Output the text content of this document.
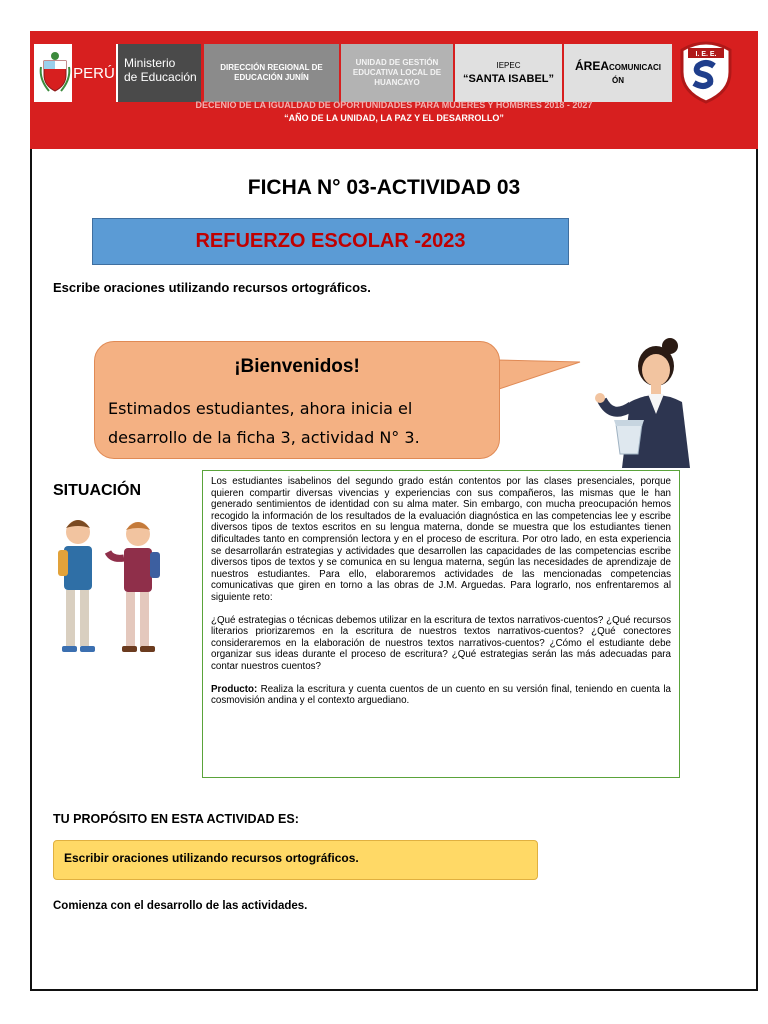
PERÚ
Ministerio
de Educación
DIRECCIÓN REGIONAL DE EDUCACIÓN JUNÍN
UNIDAD DE GESTIÓN EDUCATIVA LOCAL DE HUANCAYO
IEPEC
“SANTA ISABEL”
ÁREACOMUNICACI
ÓN
I. E. E.
DECENIO DE LA IGUALDAD DE OPORTUNIDADES PARA MUJERES Y HOMBRES 2018 - 2027
“AÑO DE LA UNIDAD, LA PAZ Y EL DESARROLLO”
FICHA N° 03-ACTIVIDAD 03
REFUERZO ESCOLAR -2023
Escribe oraciones utilizando recursos ortográficos.
¡Bienvenidos!
Estimados estudiantes, ahora inicia el desarrollo de la ficha 3, actividad N° 3.
SITUACIÓN

Los estudiantes isabelinos del segundo grado están contentos por las clases presenciales, porque quieren compartir diversas vivencias y experiencias con sus compañeros, las mismas que le han generado sentimientos de identidad con su alma mater. Sin embargo, con mucha preocupación hemos recogido la información de los resultados de la evaluación diagnóstica en las competencias lee y escribe diversos tipos de textos escritos en su lengua materna, donde se muestra que los estudiantes tienen dificultades tanto en comprensión lectora y en el proceso de escritura. Por otro lado, en esta experiencia se desarrollarán estrategias y actividades que desarrollen las capacidades de las competencias escribe diversos tipos de textos y se comunica en su lengua materna, según las necesidades de aprendizaje de nuestros estudiantes. Para ello, elaboraremos actividades de las mencionadas competencias comunicativas que giren en torno a las obras de J.M. Arguedas. Para lograrlo, nos enfrentaremos al siguiente reto:

¿Qué estrategias o técnicas debemos utilizar en la escritura de textos narrativos-cuentos? ¿Qué recursos literarios priorizaremos en la escritura de nuestros textos narrativos-cuentos? ¿Qué conectores consideraremos en la elaboración de nuestros textos narrativos-cuentos? ¿Cómo el estudiante debe organizar sus ideas durante el proceso de escritura? ¿Qué estrategias serán las más adecuadas para contar nuestros cuentos?

Producto: Realiza la escritura y cuenta cuentos de un cuento en su versión final, teniendo en cuenta la cosmovisión andina y el contexto arguediano.

TU PROPÓSITO EN ESTA ACTIVIDAD ES:
Escribir oraciones utilizando recursos ortográficos.
Comienza con el desarrollo de las actividades.
